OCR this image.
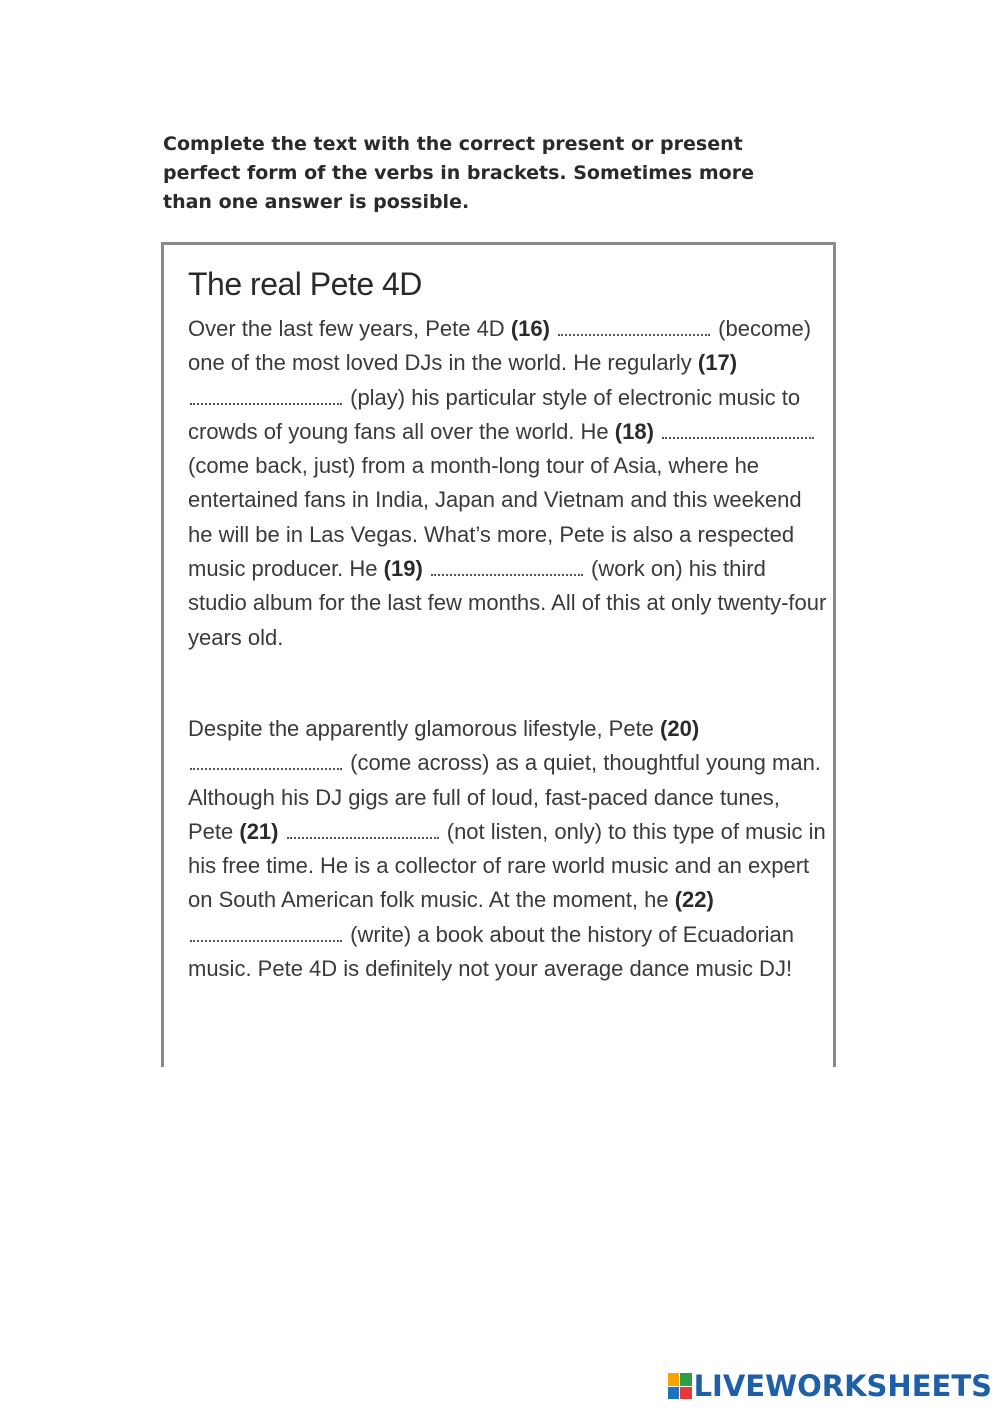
Complete the text with the correct present or present perfect form of the verbs in brackets. Sometimes more than one answer is possible.
The real Pete 4D
Over the last few years, Pete 4D (16)	(become) one of the most loved DJs in the world. He regularly (17)  (play) his particular style of electronic music to crowds of young fans all over the world. He (18)  (come back, just) from a month-long tour of Asia, where he entertained fans in India, Japan and Vietnam and this weekend he will be in Las Vegas. What’s more, Pete is also a respected music producer. He (19)	(work on) his third studio album for the last few months. All of this at only twenty-four years old.
Despite the apparently glamorous lifestyle, Pete (20)  (come across) as a quiet, thoughtful young man. Although his DJ gigs are full of loud, fast-paced dance tunes, Pete (21)	(not listen, only) to this type of music in his free time. He is a collector of rare world music and an expert on South American folk music. At the moment, he (22)  (write) a book about the history of Ecuadorian music. Pete 4D is definitely not your average dance music DJ!
LIVEWORKSHEETS
